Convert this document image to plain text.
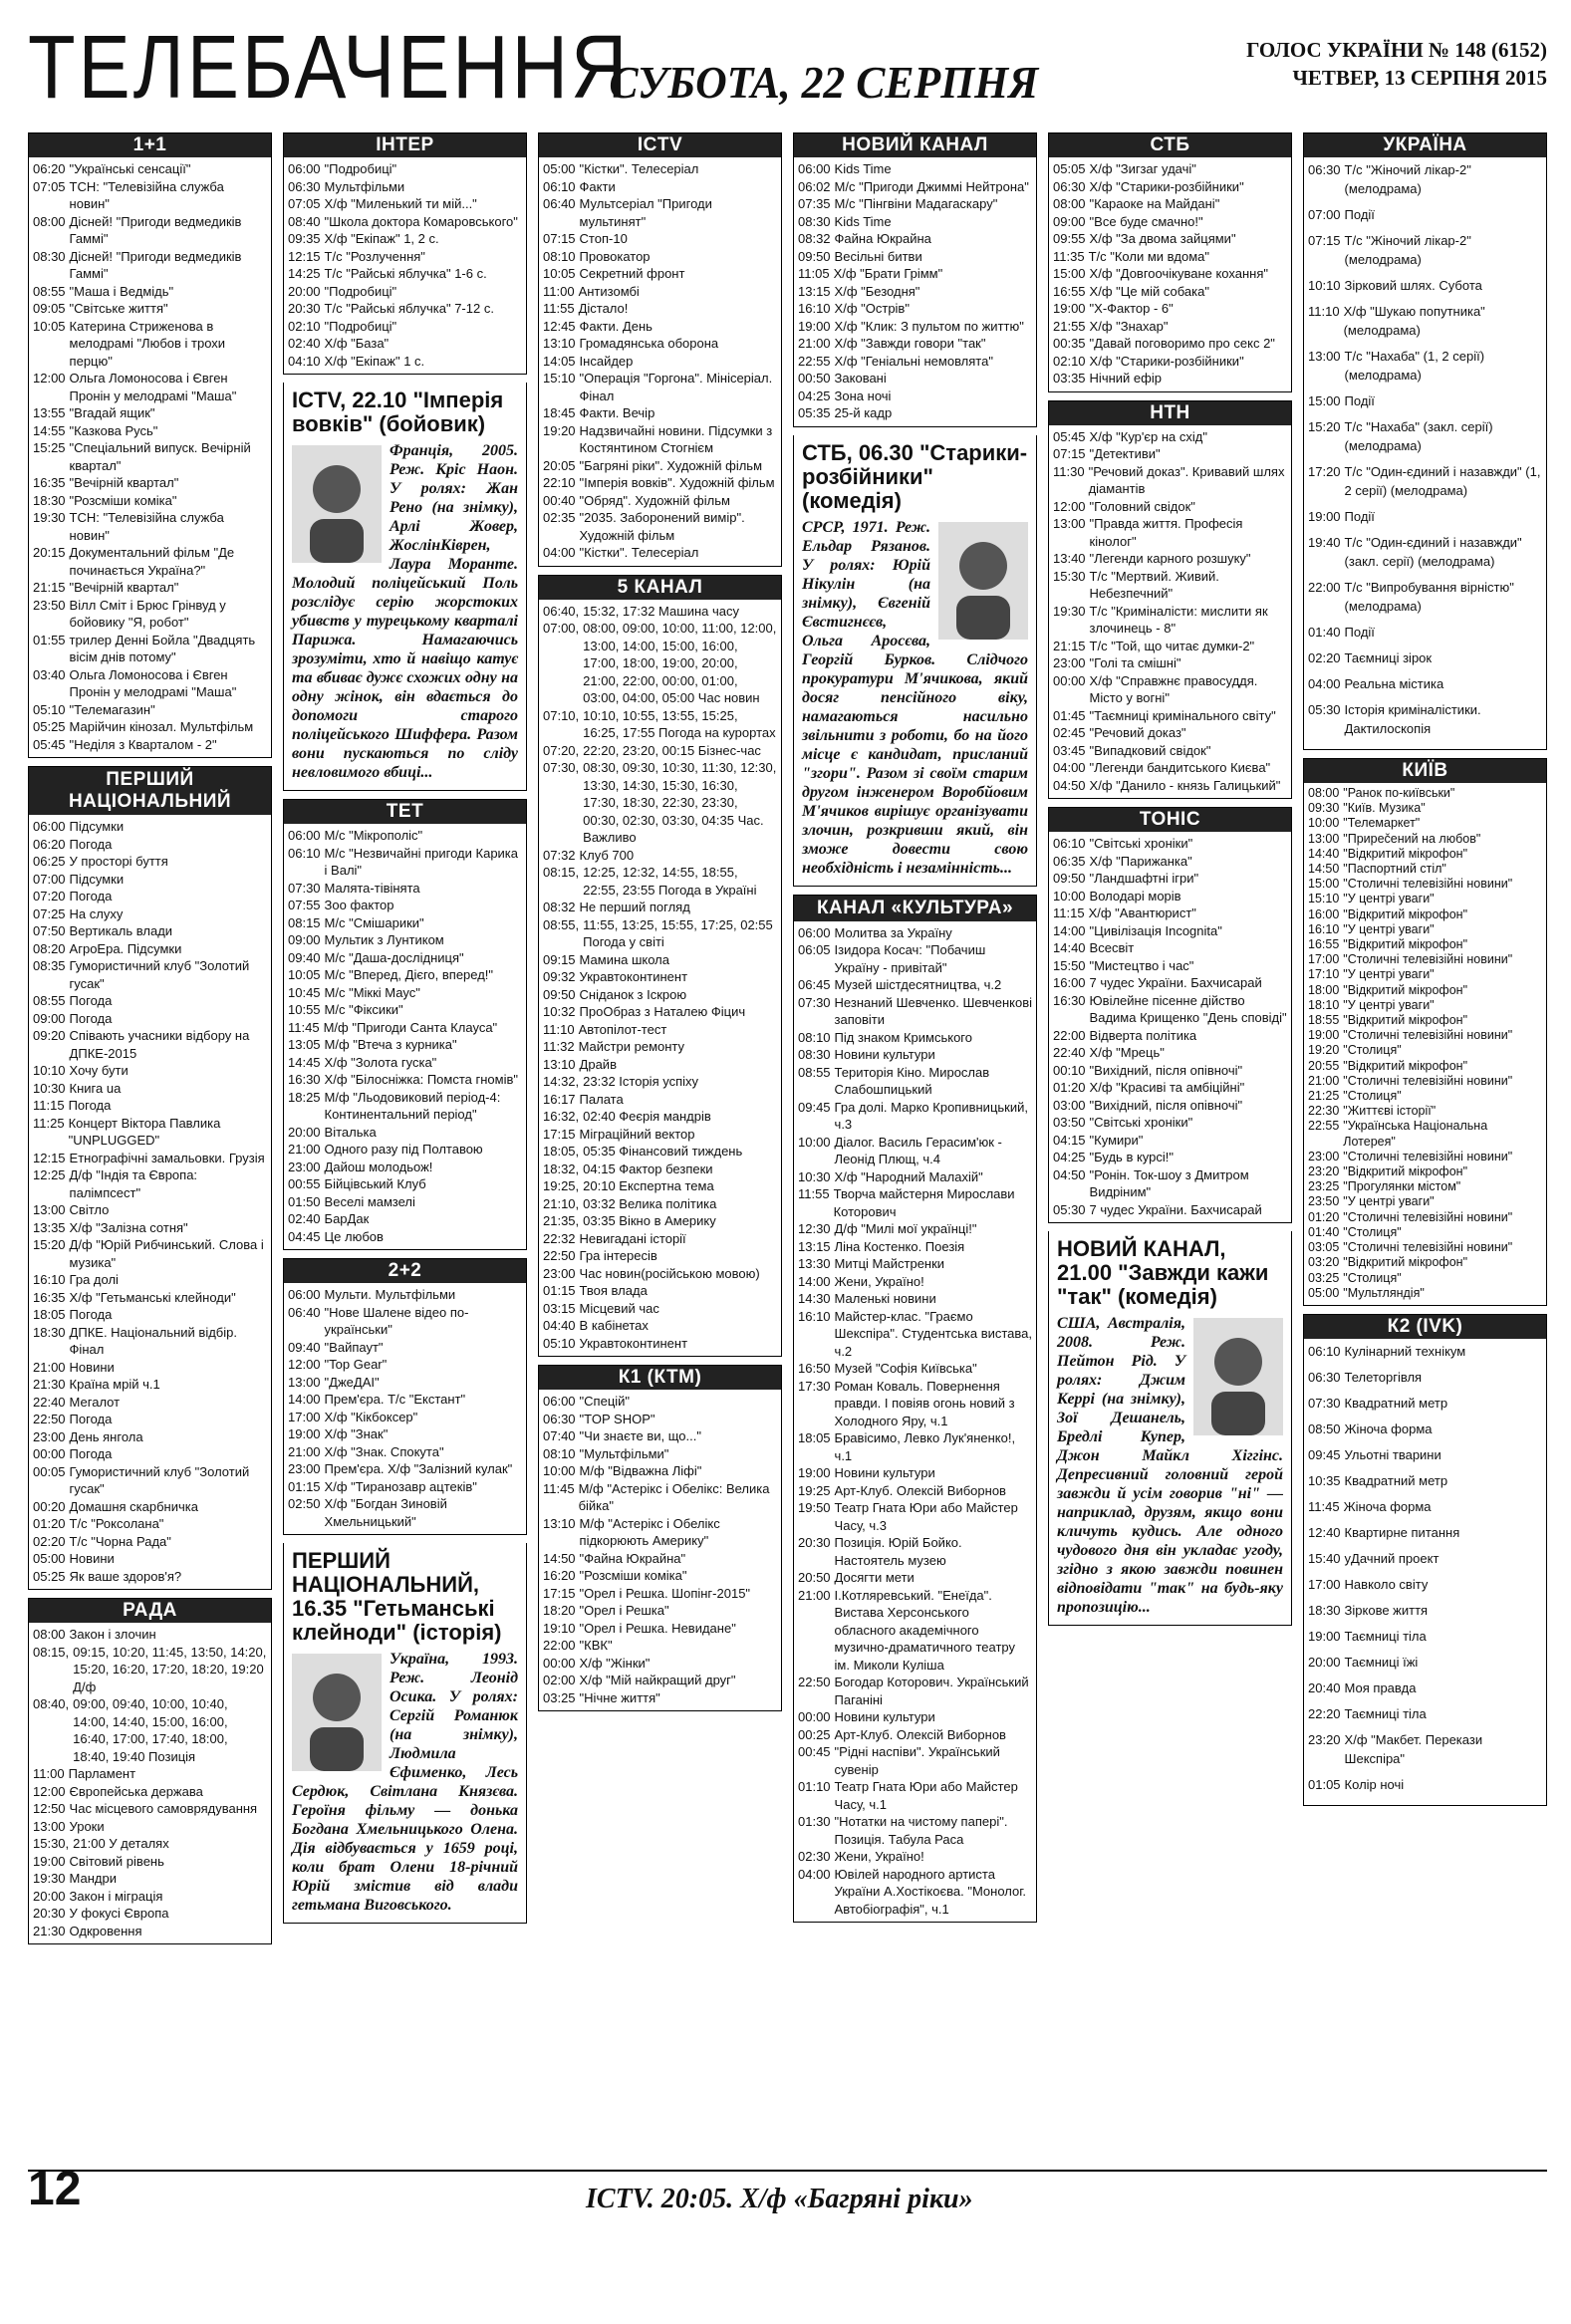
ТЕЛЕБАЧЕННЯ
СУБОТА, 22 СЕРПНЯ
ГОЛОС УКРАЇНИ № 148 (6152)
ЧЕТВЕР, 13 СЕРПНЯ 2015
1+1
06:20 "Українські сенсації"
07:05 ТСН: "Телевізійна служба новин"
08:00 Дісней! "Пригоди ведмедиків Гаммі"
08:30 Дісней! "Пригоди ведмедиків Гаммі"
08:55 "Маша і Ведмідь"
09:05 "Світське життя"
10:05 Катерина Стриженова в мелодрамі "Любов і трохи перцю"
12:00 Ольга Ломоносова і Євген Пронін у мелодрамі "Маша"
13:55 "Вгадай ящик"
14:55 "Казкова Русь"
15:25 "Спеціальний випуск. Вечірній квартал"
16:35 "Вечірній квартал"
18:30 "Розсміши коміка"
19:30 ТСН: "Телевізійна служба новин"
20:15 Документальний фільм "Де починається Україна?"
21:15 "Вечірній квартал"
23:50 Вілл Сміт і Брюс Грінвуд у бойовику "Я, робот"
01:55 трилер Денні Бойла "Двадцять вісім днів потому"
03:40 Ольга Ломоносова і Євген Пронін у мелодрамі "Маша"
05:10 "Телемагазин"
05:25 Марійчин кінозал. Мультфільм
05:45 "Неділя з Кварталом - 2"
ПЕРШИЙ НАЦІОНАЛЬНИЙ
06:00 Підсумки
06:20 Погода
06:25 У просторі буття
07:00 Підсумки
07:20 Погода
07:25 На слуху
07:50 Вертикаль влади
08:20 АгроЕра. Підсумки
08:35 Гумористичний клуб "Золотий гусак"
08:55 Погода
09:00 Погода
09:20 Співають учасники відбору на ДПКЕ-2015
10:10 Хочу бути
10:30 Книга ua
11:15 Погода
11:25 Концерт Віктора Павлика "UNPLUGGED"
12:15 Етнографічні замальовки. Грузія
12:25 Д/ф "Індія та Європа: палімпсест"
13:00 Світло
13:35 Х/ф "Залізна сотня"
15:20 Д/ф "Юрій Рибчинський. Слова і музика"
16:10 Гра долі
16:35 Х/ф "Гетьманські клейноди"
18:05 Погода
18:30 ДПКЕ. Національний відбір. Фінал
21:00 Новини
21:30 Країна мрій ч.1
22:40 Мегалот
22:50 Погода
23:00 День янгола
00:00 Погода
00:05 Гумористичний клуб "Золотий гусак"
00:20 Домашня скарбничка
01:20 Т/с "Роксолана"
02:20 Т/с "Чорна Рада"
05:00 Новини
05:25 Як ваше здоров'я?
РАДА
08:00 Закон і злочин
08:15, 09:15, 10:20, 11:45, 13:50, 14:20, 15:20, 16:20, 17:20, 18:20, 19:20 Д/ф
08:40, 09:00, 09:40, 10:00, 10:40, 14:00, 14:40, 15:00, 16:00, 16:40, 17:00, 17:40, 18:00, 18:40, 19:40 Позиція
11:00 Парламент
12:00 Європейська держава
12:50 Час місцевого самоврядування
13:00 Уроки
15:30, 21:00 У деталях
19:00 Світовий рівень
19:30 Мандри
20:00 Закон і міграція
20:30 У фокусі Європа
21:30 Одкровення
ІНТЕР
06:00 "Подробиці"
06:30 Мультфільми
07:05 Х/ф "Миленький ти мій..."
08:40 "Школа доктора Комаровського"
09:35 Х/ф "Екіпаж" 1, 2 с.
12:15 Т/с "Розлучення"
14:25 Т/с "Райські яблучка" 1-6 с.
20:00 "Подробиці"
20:30 Т/с "Райські яблучка" 7-12 с.
02:10 "Подробиці"
02:40 Х/ф "База"
04:10 Х/ф "Екіпаж" 1 с.
ICTV, 22.10 "Імперія вовків" (бойовик)
Франція, 2005. Реж. Кріс Наон. У ролях: Жан Рено (на знімку), Арлі Жовер, ЖослінКіврен, Лаура Моранте. Молодий поліцейський Поль розслідує серію жорстоких убивств у турецькому кварталі Парижа. Намагаючись зрозуміти, хто й навіщо катує та вбиває дужє схожих одну на одну жінок, він вдається до допомоги старого поліцейського Шиффера. Разом вони пускаються по сліду невловимого вбиці...
ТЕТ
06:00 М/с "Мікрополіс"
06:10 М/с "Незвичайні пригоди Карика і Валі"
07:30 Малята-тівінята
07:55 Зоо фактор
08:15 М/с "Смішарики"
09:00 Мультик з Лунтиком
09:40 М/с "Даша-дослідниця"
10:05 М/с "Вперед, Дієго, вперед!"
10:45 М/с "Міккі Маус"
10:55 М/с "Фіксики"
11:45 М/ф "Пригоди Санта Клауса"
13:05 М/ф "Втеча з курника"
14:45 Х/ф "Золота гуска"
16:30 Х/ф "Білосніжка: Помста гномів"
18:25 М/ф "Льодовиковий період-4: Континентальний період"
20:00 Віталька
21:00 Одного разу під Полтавою
23:00 Дайош молодьож!
00:55 Бійцівський Клуб
01:50 Веселі мамзелі
02:40 БарДак
04:45 Це любов
2+2
06:00 Мульти. Мультфільми
06:40 "Нове Шалене відео по-українськи"
09:40 "Вайпаут"
12:00 "Top Gear"
13:00 "ДжеДАІ"
14:00 Прем'єра. Т/с "Екстант"
17:00 Х/ф "Кікбоксер"
19:00 Х/ф "Знак"
21:00 Х/ф "Знак. Спокута"
23:00 Прем'єра. Х/ф "Залізний кулак"
01:15 Х/ф "Тиранозавр ацтеків"
02:50 Х/ф "Богдан Зиновій Хмельницький"
ПЕРШИЙ НАЦІОНАЛЬНИЙ, 16.35 "Гетьманські клейноди" (історія)
Україна, 1993. Реж. Леонід Осика. У ролях: Сергій Романюк (на знімку), Людмила Єфименко, Лесь Сердюк, Світлана Князєва. Героїня фільму — донька Богдана Хмельницького Олена. Дія відбувається у 1659 році, коли брат Олени 18-річний Юрій змістив від влади гетьмана Виговського.
ICTV
05:00 "Кістки". Телесеріал
06:10 Факти
06:40 Мультсеріал "Пригоди мультинят"
07:15 Стоп-10
08:10 Провокатор
10:05 Секретний фронт
11:00 Антизомбі
11:55 Дістало!
12:45 Факти. День
13:10 Громадянська оборона
14:05 Інсайдер
15:10 "Операція "Горгона". Мінісеріал. Фінал
18:45 Факти. Вечір
19:20 Надзвичайні новини. Підсумки з Костянтином Стогнієм
20:05 "Багряні ріки". Художній фільм
22:10 "Імперія вовків". Художній фільм
00:40 "Обряд". Художній фільм
02:35 "2035. Заборонений вимір". Художній фільм
04:00 "Кістки". Телесеріал
5 КАНАЛ
06:40, 15:32, 17:32 Машина часу
07:00, 08:00, 09:00, 10:00, 11:00, 12:00, 13:00, 14:00, 15:00, 16:00, 17:00, 18:00, 19:00, 20:00, 21:00, 22:00, 00:00, 01:00, 03:00, 04:00, 05:00 Час новин
07:10, 10:10, 10:55, 13:55, 15:25, 16:25, 17:55 Погода на курортах
07:20, 22:20, 23:20, 00:15 Бізнес-час
07:30, 08:30, 09:30, 10:30, 11:30, 12:30, 13:30, 14:30, 15:30, 16:30, 17:30, 18:30, 22:30, 23:30, 00:30, 02:30, 03:30, 04:35 Час. Важливо
07:32 Клуб 700
08:15, 12:25, 12:32, 14:55, 18:55, 22:55, 23:55 Погода в Україні
08:32 Не перший погляд
08:55, 11:55, 13:25, 15:55, 17:25, 02:55 Погода у світі
09:15 Мамина школа
09:32 Укравтоконтинент
09:50 Сніданок з Іскрою
10:32 ПроОбраз з Наталею Фіцич
11:10 Автопілот-тест
11:32 Майстри ремонту
13:10 Драйв
14:32, 23:32 Історія успіху
16:17 Палата
16:32, 02:40 Феєрія мандрів
17:15 Міграційний вектор
18:05, 05:35 Фінансовий тиждень
18:32, 04:15 Фактор безпеки
19:25, 20:10 Експертна тема
21:10, 03:32 Велика політика
21:35, 03:35 Вікно в Америку
22:32 Невигадані історії
22:50 Гра інтересів
23:00 Час новин(російською мовою)
01:15 Твоя влада
03:15 Місцевий час
04:40 В кабінетах
05:10 Укравтоконтинент
К1 (КТМ)
06:00 "Спецій"
06:30 "TOP SHOP"
07:40 "Чи знаєте ви, що..."
08:10 "Мультфільми"
10:00 М/ф "Відважна Ліфі"
11:45 М/ф "Астерікс і Обелікс: Велика бійка"
13:10 М/ф "Астерікс і Обелікс підкорюють Америку"
14:50 "Файна Юкрайна"
16:20 "Розсміши коміка"
17:15 "Орел і Решка. Шопінг-2015"
18:20 "Орел і Решка"
19:10 "Орел і Решка. Невидане"
22:00 "КВК"
00:00 Х/ф "Жінки"
02:00 Х/ф "Мій найкращий друг"
03:25 "Нічне життя"
НОВИЙ КАНАЛ
06:00 Kids Time
06:02 М/с "Пригоди Джиммі Нейтрона"
07:35 М/с "Пінгвіни Мадагаскару"
08:30 Kids Time
08:32 Файна Юкрайна
09:50 Весільні битви
11:05 Х/ф "Брати Грімм"
13:15 Х/ф "Безодня"
16:10 Х/ф "Острів"
19:00 Х/ф "Клик: З пультом по життю"
21:00 Х/ф "Завжди говори "так"
22:55 Х/ф "Геніальні немовлята"
00:50 Заковані
04:25 Зона ночі
05:35 25-й кадр
СТБ, 06.30 "Старики-розбійники" (комедія)
СРСР, 1971. Реж. Ельдар Рязанов. У ролях: Юрій Нікулін (на знімку), Євгеній Євстигнєєв, Ольга Аросєва, Георгій Бурков. Слідчого прокуратури М'ячикова, який досяг пенсійного віку, намагаються насильно звільнити з роботи, бо на його місце є кандидат, присланий "згори". Разом зі своїм старим другом інженером Воробйовим М'ячиков вирішує організувати злочин, розкривши який, він зможе довести свою необхідність і незамінність...
КАНАЛ «КУЛЬТУРА»
06:00 Молитва за Україну
06:05 Ізидора Косач: "Побачиш Україну - привітай"
06:45 Музей шістдесятництва, ч.2
07:30 Незнаний Шевченко. Шевченкові заповіти
08:10 Під знаком Кримського
08:30 Новини культури
08:55 Територія Кіно. Мирослав Слабошпицький
09:45 Гра долі. Марко Кропивницький, ч.3
10:00 Діалог. Василь Герасим'юк - Леонід Плющ, ч.4
10:30 Х/ф "Народний Малахій"
11:55 Творча майстерня Мирослави Которович
12:30 Д/ф "Милі мої українці!"
13:15 Ліна Костенко. Поезія
13:30 Митці Майстренки
14:00 Жени, Україно!
14:30 Маленькі новини
16:10 Майстер-клас. "Граємо Шекспіра". Студентська вистава, ч.2
16:50 Музей "Софія Київська"
17:30 Роман Коваль. Повернення правди. І повіяв огонь новий з Холодного Яру, ч.1
18:05 Бравісимо, Левко Лук'яненко!, ч.1
19:00 Новини культури
19:25 Арт-Клуб. Олексій Виборнов
19:50 Театр Гната Юри або Майстер Часу, ч.3
20:30 Позиція. Юрій Бойко. Настоятель музею
20:50 Досягти мети
21:00 І.Котляревський. "Енеїда". Вистава Херсонського обласного академічного музично-драматичного театру ім. Миколи Куліша
22:50 Богодар Которович. Український Паганіні
00:00 Новини культури
00:25 Арт-Клуб. Олексій Виборнов
00:45 "Рідні наспіви". Український сувенір
01:10 Театр Гната Юри або Майстер Часу, ч.1
01:30 "Нотатки на чистому папері". Позиція. Табула Раса
02:30 Жени, Україно!
04:00 Ювілей народного артиста України А.Хостікоєва. "Монолог. Автобіографія", ч.1
СТБ
05:05 Х/ф "Зигзаг удачі"
06:30 Х/ф "Старики-розбійники"
08:00 "Караоке на Майдані"
09:00 "Все буде смачно!"
09:55 Х/ф "За двома зайцями"
11:35 Т/с "Коли ми вдома"
15:00 Х/ф "Довгоочікуване кохання"
16:55 Х/ф "Це мій собака"
19:00 "Х-Фактор - 6"
21:55 Х/ф "Знахар"
00:35 "Давай поговоримо про секс 2"
02:10 Х/ф "Старики-розбійники"
03:35 Нічний ефір
НТН
05:45 Х/ф "Кур'єр на схід"
07:15 "Детективи"
11:30 "Речовий доказ". Кривавий шлях діамантів
12:00 "Головний свідок"
13:00 "Правда життя. Професія кінолог"
13:40 "Легенди карного розшуку"
15:30 Т/с "Мертвий. Живий. Небезпечний"
19:30 Т/с "Криміналісти: мислити як злочинець - 8"
21:15 Т/с "Той, що читає думки-2"
23:00 "Голі та смішні"
00:00 Х/ф "Справжнє правосуддя. Місто у вогні"
01:45 "Таємниці кримінального світу"
02:45 "Речовий доказ"
03:45 "Випадковий свідок"
04:00 "Легенди бандитського Києва"
04:50 Х/ф "Данило - князь Галицький"
ТОНІС
06:10 "Світські хроніки"
06:35 Х/ф "Парижанка"
09:50 "Ландшафтні ігри"
10:00 Володарі морів
11:15 Х/ф "Авантюрист"
14:00 "Цивілізація Incognita"
14:40 Всесвіт
15:50 "Мистецтво і час"
16:00 7 чудес України. Бахчисарай
16:30 Ювілейне пісенне дійство Вадима Крищенко "День сповіді"
22:00 Відверта політика
22:40 Х/ф "Мрець"
00:10 "Вихідний, після опівночі"
01:20 Х/ф "Красиві та амбіційні"
03:00 "Вихідний, після опівночі"
03:50 "Світські хроніки"
04:15 "Кумири"
04:25 "Будь в курсі!"
04:50 "Ронін. Ток-шоу з Дмитром Видріним"
05:30 7 чудес України. Бахчисарай
НОВИЙ КАНАЛ, 21.00 "Завжди кажи "так" (комедія)
США, Австралія, 2008. Реж. Пейтон Рід. У ролях: Джим Керрі (на знімку), Зої Дешанель, Бредлі Купер, Джон Майкл Хіггінс. Депресивний головний герой завжди й усім говорив "ні" — наприклад, друзям, якщо вони кличуть кудись. Але одного чудового дня він укладає угоду, згідно з якою завжди повинен відповідати "так" на будь-яку пропозицію...
УКРАЇНА
06:30 Т/с "Жіночий лікар-2" (мелодрама)
07:00 Події
07:15 Т/с "Жіночий лікар-2" (мелодрама)
10:10 Зірковий шлях. Субота
11:10 Х/ф "Шукаю попутника" (мелодрама)
13:00 Т/с "Нахаба" (1, 2 серії) (мелодрама)
15:00 Події
15:20 Т/с "Нахаба" (закл. серії) (мелодрама)
17:20 Т/с "Один-єдиний і назавжди" (1, 2 серії) (мелодрама)
19:00 Події
19:40 Т/с "Один-єдиний і назавжди" (закл. серії) (мелодрама)
22:00 Т/с "Випробування вірністю" (мелодрама)
01:40 Події
02:20 Таємниці зірок
04:00 Реальна містика
05:30 Історія криміналістики. Дактилоскопія
КИЇВ
08:00 "Ранок по-київськи"
09:30 "Київ. Музика"
10:00 "Телемаркет"
13:00 "Прирečений на любов"
14:40 "Відкритий мікрофон"
14:50 "Паспортний стіл"
15:00 "Столичні телевізійні новини"
15:10 "У центрі уваги"
16:00 "Відкритий мікрофон"
16:10 "У центрі уваги"
16:55 "Відкритий мікрофон"
17:00 "Столичні телевізійні новини"
17:10 "У центрі уваги"
18:00 "Відкритий мікрофон"
18:10 "У центрі уваги"
18:55 "Відкритий мікрофон"
19:00 "Столичні телевізійні новини"
19:20 "Столиця"
20:55 "Відкритий мікрофон"
21:00 "Столичні телевізійні новини"
21:25 "Столиця"
22:30 "Життєві історії"
22:55 "Українська Національна Лотерея"
23:00 "Столичні телевізійні новини"
23:20 "Відкритий мікрофон"
23:25 "Прогулянки містом"
23:50 "У центрі уваги"
01:20 "Столичні телевізійні новини"
01:40 "Столиця"
03:05 "Столичні телевізійні новини"
03:20 "Відкритий мікрофон"
03:25 "Столиця"
05:00 "Мультляндія"
К2 (IVK)
06:10 Кулінарний технікум
06:30 Телеторгівля
07:30 Квадратний метр
08:50 Жіноча форма
09:45 Ульотні тварини
10:35 Квадратний метр
11:45 Жіноча форма
12:40 Квартирне питання
15:40 уДачний проект
17:00 Навколо світу
18:30 Зіркове життя
19:00 Таємниці тіла
20:00 Таємниці їжі
20:40 Моя правда
22:20 Таємниці тіла
23:20 Х/ф "Макбет. Перекази Шекспіра"
01:05 Колір ночі
12	ICTV. 20:05. Х/ф «Багряні ріки»
